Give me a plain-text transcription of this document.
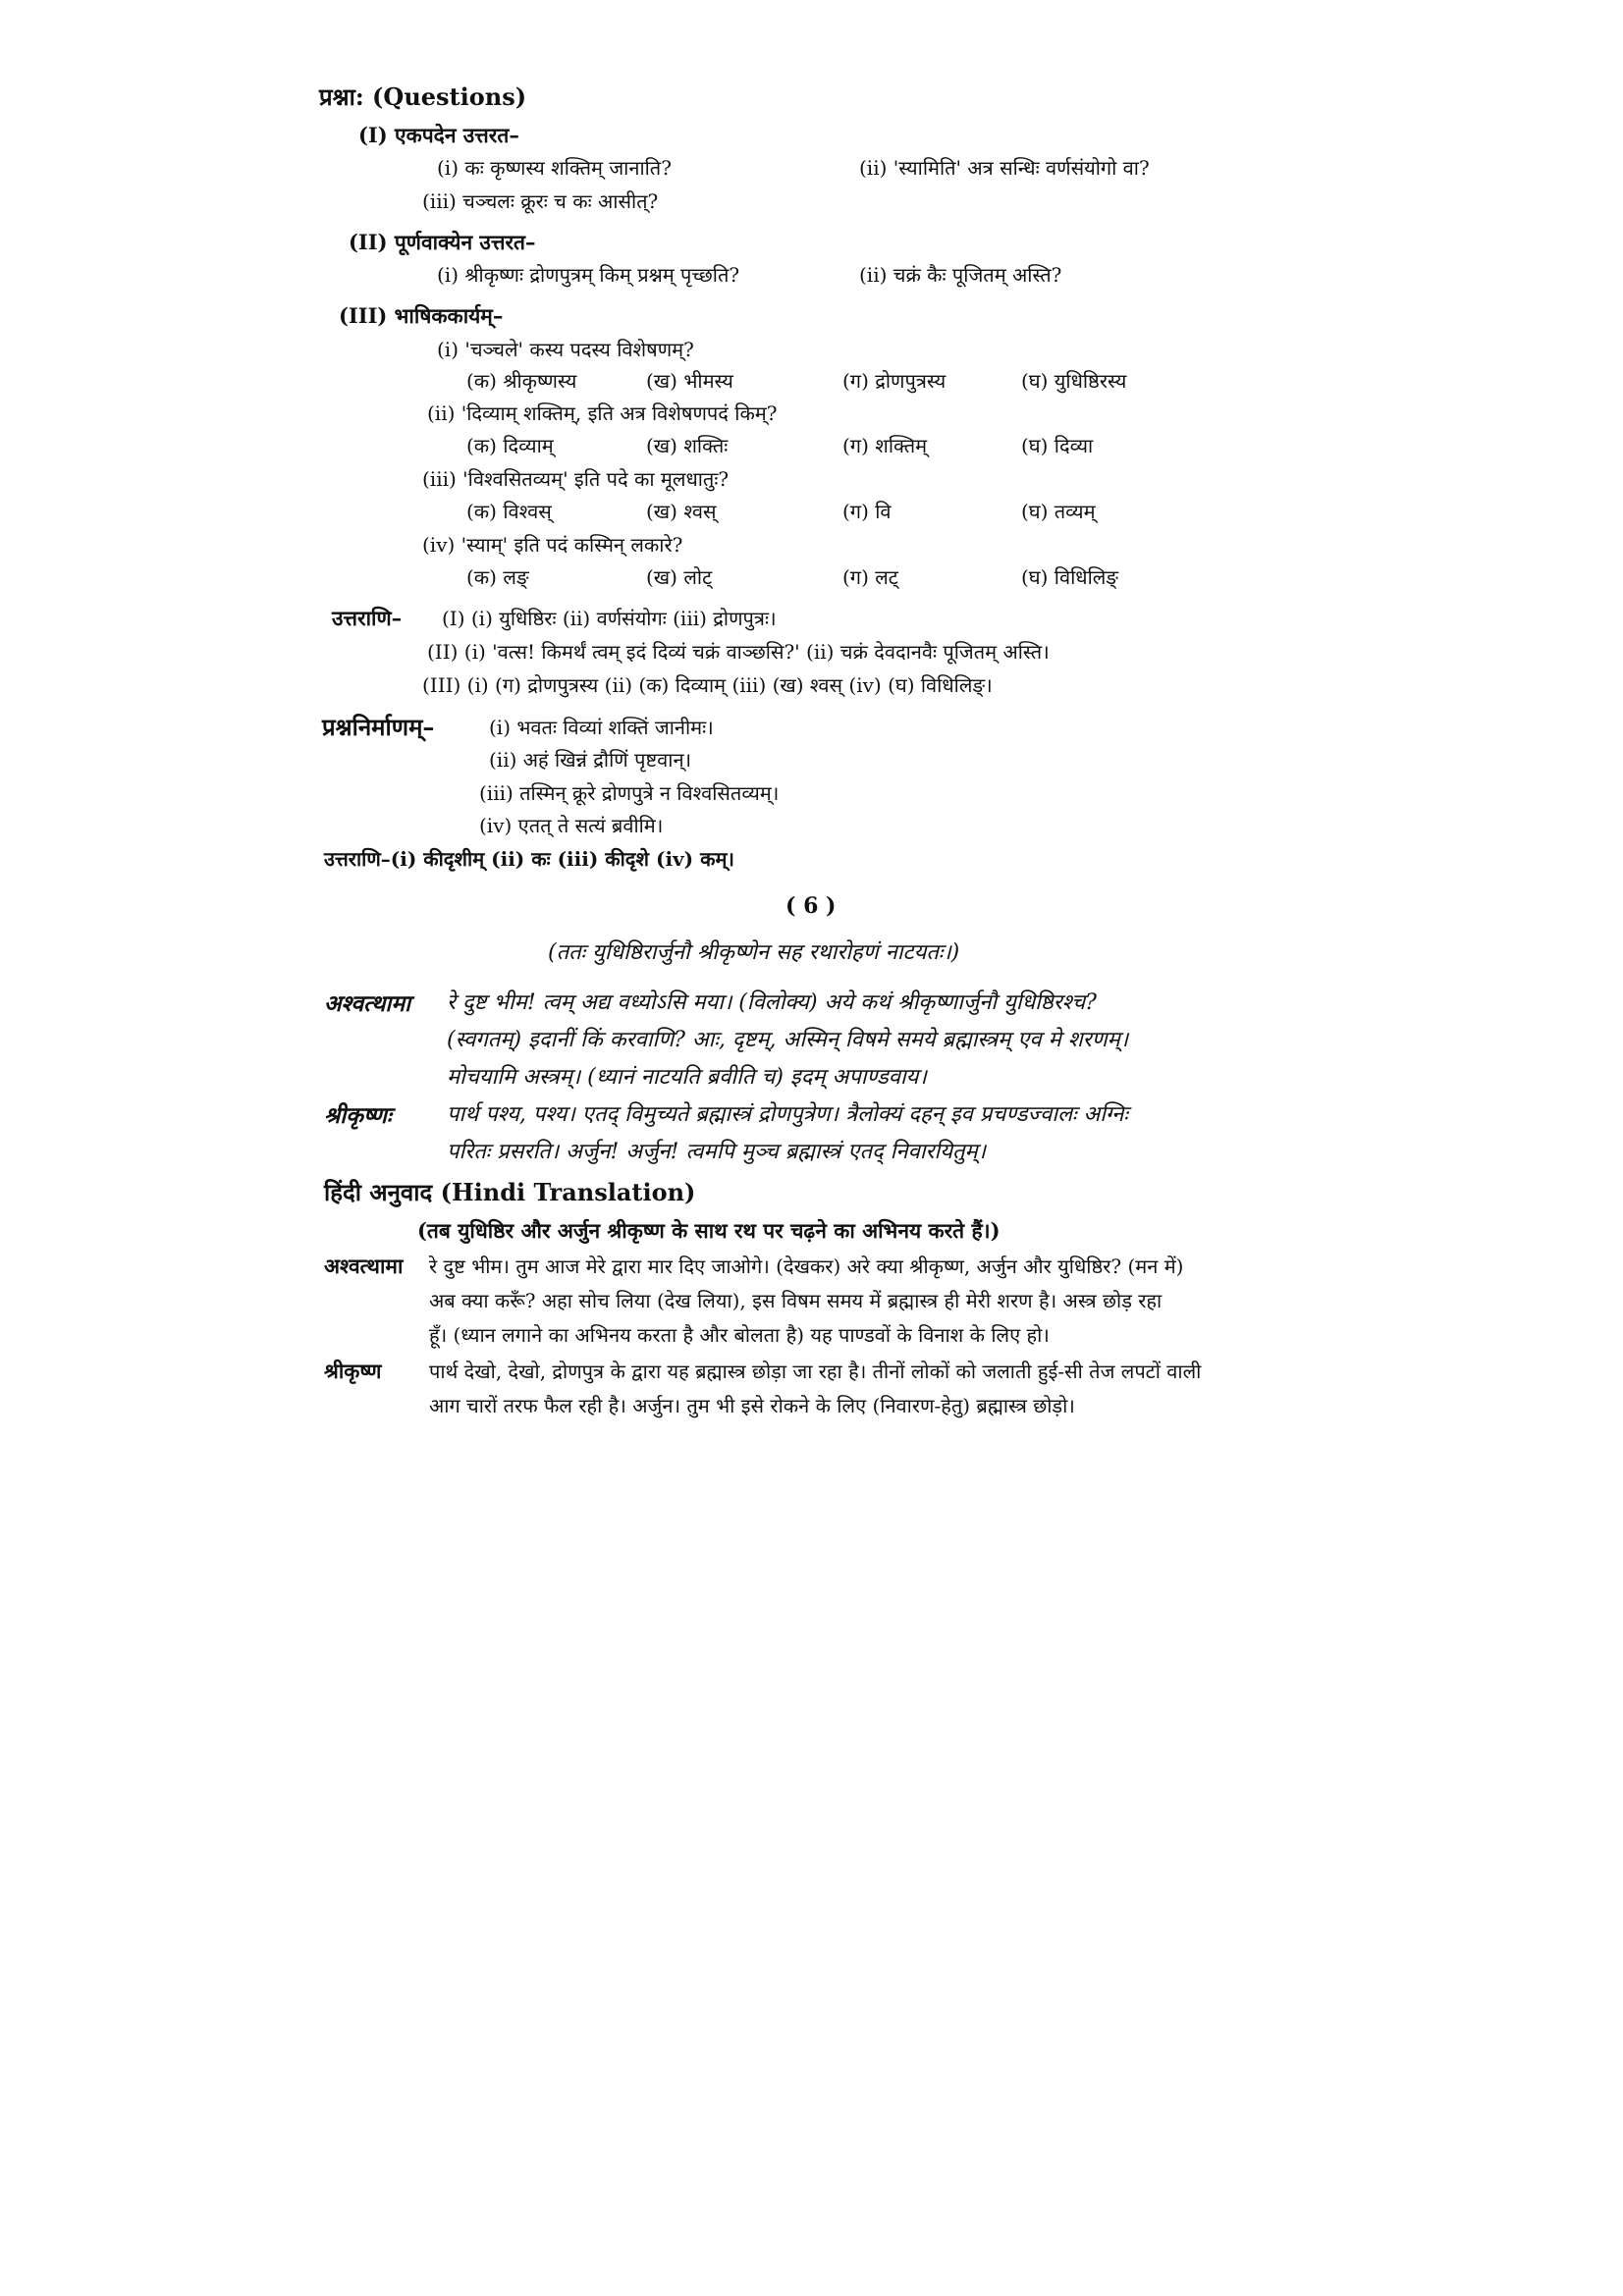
प्रश्ना: (Questions)
(I) एकपदेन उत्तरत–
(i) कः कृष्णस्य शक्तिम् जानाति?	(ii) 'स्यामिति' अत्र सन्धिः वर्णसंयोगो वा?
(iii) चञ्चलः क्रूरः च कः आसीत्?
(II) पूर्णवाक्येन उत्तरत–
(i) श्रीकृष्णः द्रोणपुत्रम् किम् प्रश्नम् पृच्छति?	(ii) चक्रं कैः पूजितम् अस्ति?
(III) भाषिककार्यम्–
(i) 'चञ्चले' कस्य पदस्य विशेषणम्?
(क) श्रीकृष्णस्य	(ख) भीमस्य	(ग) द्रोणपुत्रस्य	(घ) युधिष्ठिरस्य
(ii) 'दिव्याम् शक्तिम्, इति अत्र विशेषणपदं किम्?
(क) दिव्याम्	(ख) शक्तिः	(ग) शक्तिम्	(घ) दिव्या
(iii) 'विश्वसितव्यम्' इति पदे का मूलधातुः?
(क) विश्वस्	(ख) श्वस्	(ग) वि	(घ) तव्यम्
(iv) 'स्याम्' इति पदं कस्मिन् लकारे?
(क) लङ्	(ख) लोट्	(ग) लट्	(घ) विधिलिङ्
उत्तराणि– (I) (i) युधिष्ठिरः (ii) वर्णसंयोगः (iii) द्रोणपुत्रः।
(II) (i) 'वत्स! किमर्थं त्वम् इदं दिव्यं चक्रं वाञ्छसि?' (ii) चक्रं देवदानवैः पूजितम् अस्ति।
(III) (i) (ग) द्रोणपुत्रस्य (ii) (क) दिव्याम् (iii) (ख) श्वस् (iv) (घ) विधिलिङ्।
प्रश्ननिर्माणम्–	(i) भवतः विव्यां शक्तिं जानीमः।
(ii) अहं खिन्नं द्रौणिं पृष्टवान्।
(iii) तस्मिन् क्रूरे द्रोणपुत्रे न विश्वसितव्यम्।
(iv) एतत् ते सत्यं ब्रवीमि।
उत्तराणि–(i) कीदृशीम् (ii) कः (iii) कीदृशे (iv) कम्।
( 6 )
(ततः युधिष्ठिरार्जुनौ श्रीकृष्णेन सह रथारोहणं नाटयतः।)
अश्वत्थामा रे दुष्ट भीम! त्वम् अद्य वध्योऽसि मया। (विलोक्य) अये कथं श्रीकृष्णार्जुनौ युधिष्ठिरश्च?
(स्वगतम्) इदानीं किं करवाणि? आः, दृष्टम्, अस्मिन् विषमे समये ब्रह्मास्त्रम् एव मे शरणम्।
मोचयामि अस्त्रम्। (ध्यानं नाटयति ब्रवीति च) इदम् अपाण्डवाय।
श्रीकृष्णः	पार्थ पश्य, पश्य। एतद् विमुच्यते ब्रह्मास्त्रं द्रोणपुत्रेण। त्रैलोक्यं दहन् इव प्रचण्डज्वालः अग्निः
परितः प्रसरति। अर्जुन! अर्जुन! त्वमपि मुञ्च ब्रह्मास्त्रं एतद् निवारयितुम्।
हिंदी अनुवाद (Hindi Translation)
(तब युधिष्ठिर और अर्जुन श्रीकृष्ण के साथ रथ पर चढ़ने का अभिनय करते हैं।)
अश्वत्थामा रे दुष्ट भीम। तुम आज मेरे द्वारा मार दिए जाओगे। (देखकर) अरे क्या श्रीकृष्ण, अर्जुन और युधिष्ठिर? (मन में)
अब क्या करूँ? अहा सोच लिया (देख लिया), इस विषम समय में ब्रह्मास्त्र ही मेरी शरण है। अस्त्र छोड़ रहा
हूँ। (ध्यान लगाने का अभिनय करता है और बोलता है) यह पाण्डवों के विनाश के लिए हो।
श्रीकृष्ण पार्थ देखो, देखो, द्रोणपुत्र के द्वारा यह ब्रह्मास्त्र छोड़ा जा रहा है। तीनों लोकों को जलाती हुई-सी तेज लपटों वाली
आग चारों तरफ फैल रही है। अर्जुन। तुम भी इसे रोकने के लिए (निवारण-हेतु) ब्रह्मास्त्र छोड़ो।
